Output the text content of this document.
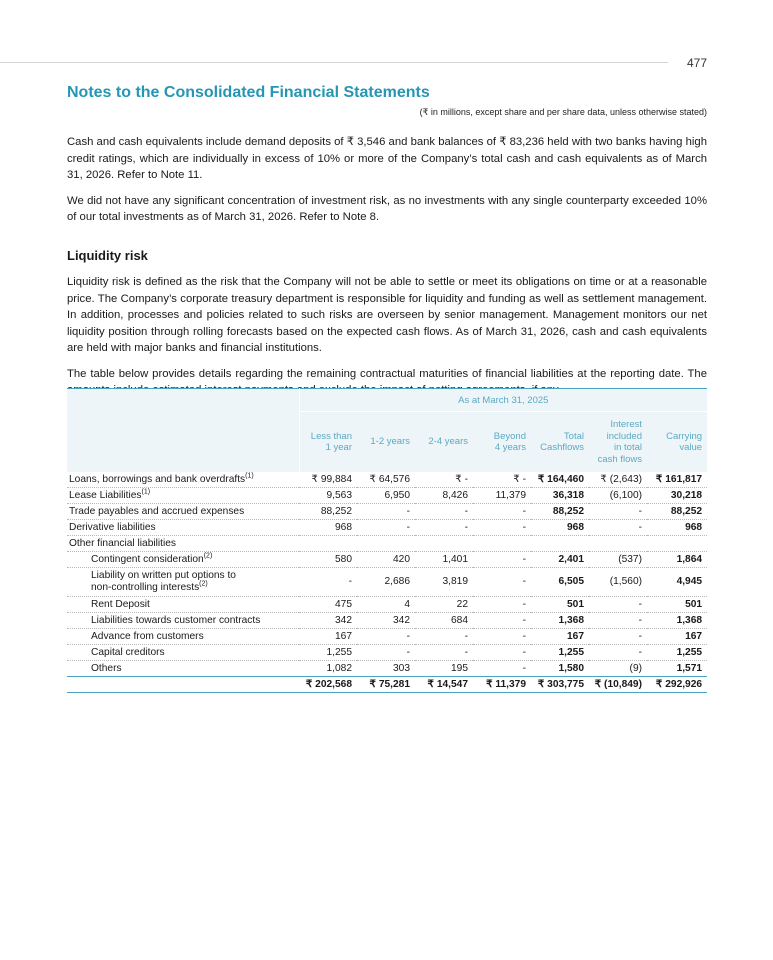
477
Notes to the Consolidated Financial Statements
(₹ in millions, except share and per share data, unless otherwise stated)

Cash and cash equivalents include demand deposits of ₹ 3,546 and bank balances of ₹ 83,236 held with two banks having high credit ratings, which are individually in excess of 10% or more of the Company’s total cash and cash equivalents as of March 31, 2026. Refer to Note 11.

We did not have any significant concentration of investment risk, as no investments with any single counterparty exceeded 10% of our total investments as of March 31, 2026. Refer to Note 8.

Liquidity risk

Liquidity risk is defined as the risk that the Company will not be able to settle or meet its obligations on time or at a reasonable price. The Company’s corporate treasury department is responsible for liquidity and funding as well as settlement management. In addition, processes and policies related to such risks are overseen by senior management. Management monitors our net liquidity position through rolling forecasts based on the expected cash flows. As of March 31, 2026, cash and cash equivalents are held with major banks and financial institutions.

The table below provides details regarding the remaining contractual maturities of financial liabilities at the reporting date. The

	As at March 31, 2025						
	Less than
1 year	1-2 years	2-4 years	Beyond
4 years	Total
Cashflows	Interest
included
in total
cash flows	Carrying
value
Loans, borrowings and bank overdrafts$^{(1)}$	₹ 99,884	₹ 64,576	₹ -	₹ -	₹ 164,460	₹ (2,643)	₹ 161,817
Lease Liabilities$^{(1)}$	9,563	6,950	8,426	11,379	36,318	(6,100)	30,218
Trade payables and accrued expenses	88,252	-	-	-	88,252	-	88,252
Derivative liabilities	968	-	-	-	968	-	968
Other financial liabilities							
Contingent consideration$^{(2)}$	580	420	1,401	-	2,401	(537)	1,864
Liability on written put options to
non-controlling interests$^{(2)}$	-	2,686	3,819	-	6,505	(1,560)	4,945
Rent Deposit	475	4	22	-	501	-	501
Liabilities towards customer contracts	342	342	684	-	1,368	-	1,368
Advance from customers	167	-	-	-	167	-	167
Capital creditors	1,255	-	-	-	1,255	-	1,255
Others	1,082	303	195	-	1,580	(9)	1,571
	₹ 202,568	₹ 75,281	₹ 14,547	₹ 11,379	₹ 303,775	₹ (10,849)	₹ 292,926
